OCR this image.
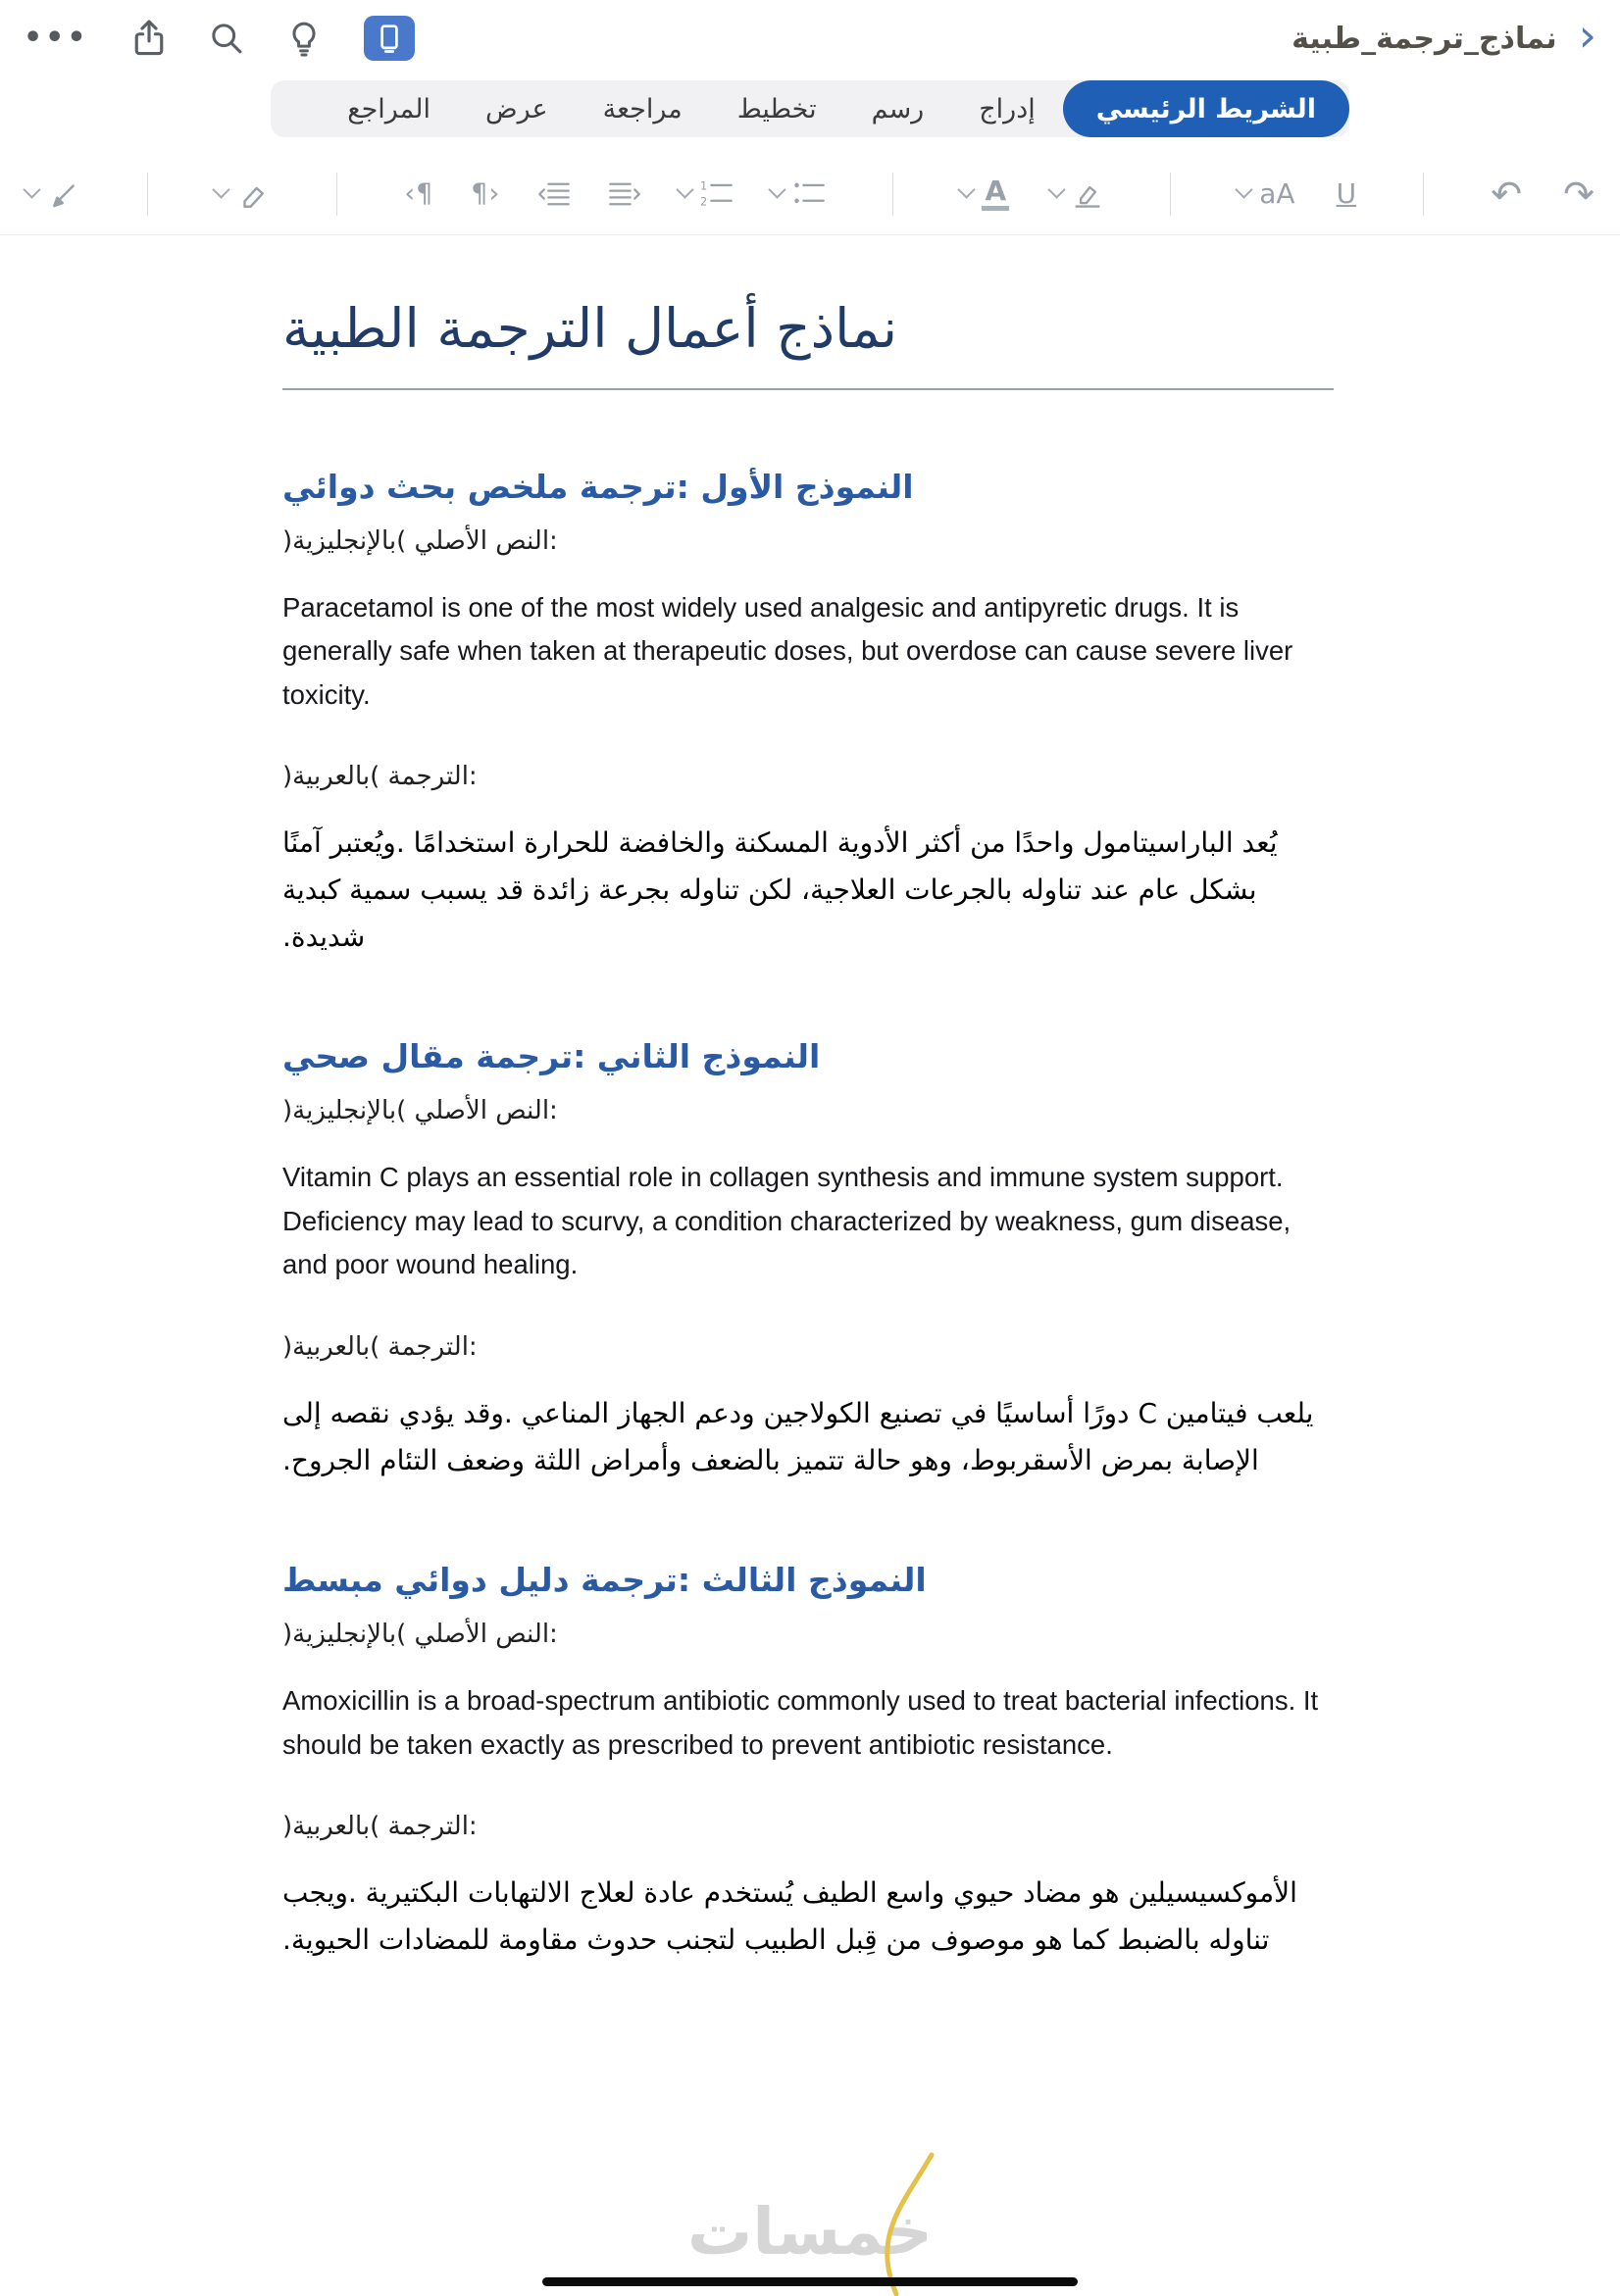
•••	نماذج_ترجمة_طبية ›
الشريط الرئيسي
إدراج
رسم
تخطيط
مراجعة
عرض
المراجع
‹¶ ¶›	1
2	A	aA U	↶ ↷
نماذج أعمال الترجمة الطبية
النموذج الأول :ترجمة ملخص بحث دوائي

:النص الأصلي )بالإنجليزية(

Paracetamol is one of the most widely used analgesic and antipyretic drugs. It is generally safe when taken at therapeutic doses, but overdose can cause severe liver toxicity.

:الترجمة )بالعربية(

يُعد الباراسيتامول واحدًا من أكثر الأدوية المسكنة والخافضة للحرارة استخدامًا .ويُعتبر آمنًا بشكل عام عند تناوله بالجرعات العلاجية، لكن تناوله بجرعة زائدة قد يسبب سمية كبدية شديدة.

النموذج الثاني :ترجمة مقال صحي

:النص الأصلي )بالإنجليزية(

Vitamin C plays an essential role in collagen synthesis and immune system support. Deficiency may lead to scurvy, a condition characterized by weakness, gum disease, and poor wound healing.

:الترجمة )بالعربية(

يلعب فيتامين C دورًا أساسيًا في تصنيع الكولاجين ودعم الجهاز المناعي .وقد يؤدي نقصه إلى الإصابة بمرض الأسقربوط، وهو حالة تتميز بالضعف وأمراض اللثة وضعف التئام الجروح.

النموذج الثالث :ترجمة دليل دوائي مبسط

:النص الأصلي )بالإنجليزية(

Amoxicillin is a broad-spectrum antibiotic commonly used to treat bacterial infections. It should be taken exactly as prescribed to prevent antibiotic resistance.

:الترجمة )بالعربية(

الأموكسيسيلين هو مضاد حيوي واسع الطيف يُستخدم عادة لعلاج الالتهابات البكتيرية .ويجب تناوله بالضبط كما هو موصوف من قِبل الطبيب لتجنب حدوث مقاومة للمضادات الحيوية.

خمسات
